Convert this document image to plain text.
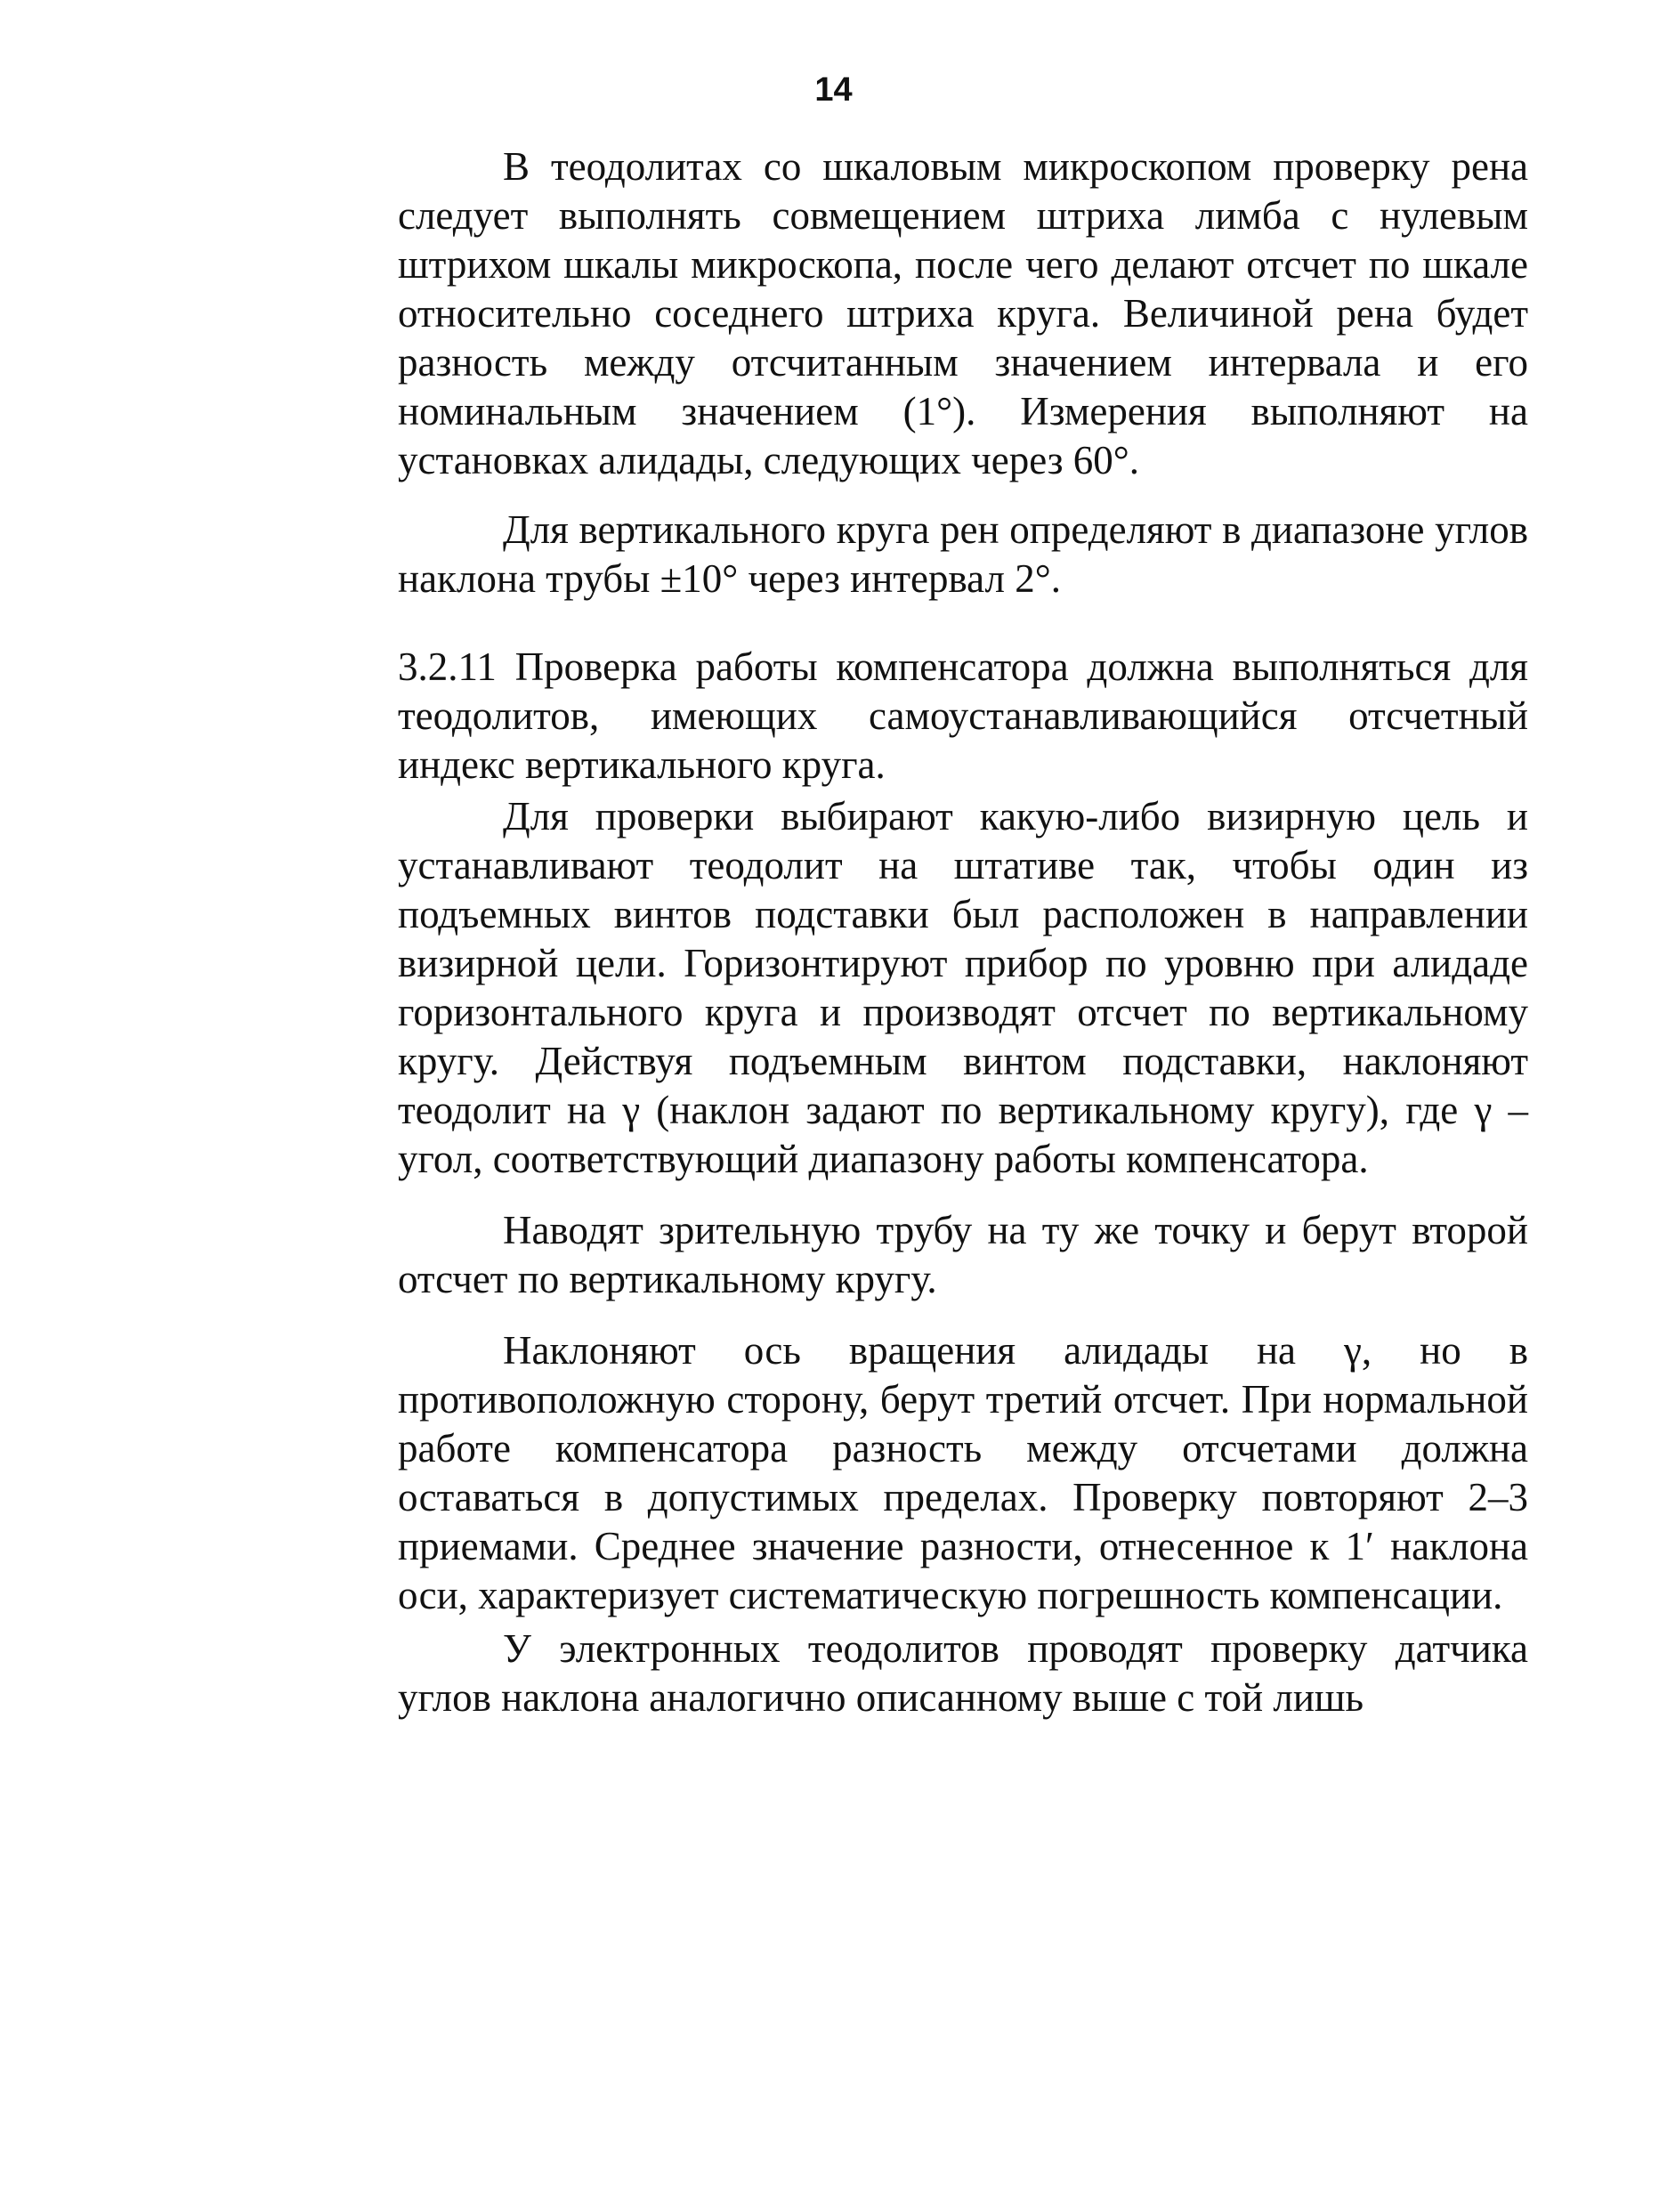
14

В теодолитах со шкаловым микроскопом проверку рена следует выполнять совмещением штриха лимба с нулевым штрихом шкалы микроскопа, после чего делают отсчет по шкале относительно соседнего штриха круга. Величиной рена будет разность между отсчитанным значением интервала и его номинальным значением (1°). Измерения выполняют на установках алидады, следующих через 60°.

Для вертикального круга рен определяют в диапазоне углов наклона трубы ±10° через интервал 2°.

3.2.11 Проверка работы компенсатора должна выполняться для теодолитов, имеющих самоустанавливающийся отсчетный индекс вертикального круга.

Для проверки выбирают какую-либо визирную цель и устанавливают теодолит на штативе так, чтобы один из подъемных винтов подставки был расположен в направлении визирной цели. Горизонтируют прибор по уровню при алидаде горизонтального круга и производят отсчет по вертикальному кругу. Действуя подъемным винтом подставки, наклоняют теодолит на γ (наклон задают по вертикальному кругу), где γ – угол, соответствующий диапазону работы компенсатора.

Наводят зрительную трубу на ту же точку и берут второй отсчет по вертикальному кругу.

Наклоняют ось вращения алидады на γ, но в противоположную сторону, берут третий отсчет. При нормальной работе компенсатора разность между отсчетами должна оставаться в допустимых пределах. Проверку повторяют 2–3 приемами. Среднее значение разности, отнесенное к 1′ наклона оси, характеризует систематическую погрешность компенсации.

У электронных теодолитов проводят проверку датчика углов наклона аналогично описанному выше с той лишь
